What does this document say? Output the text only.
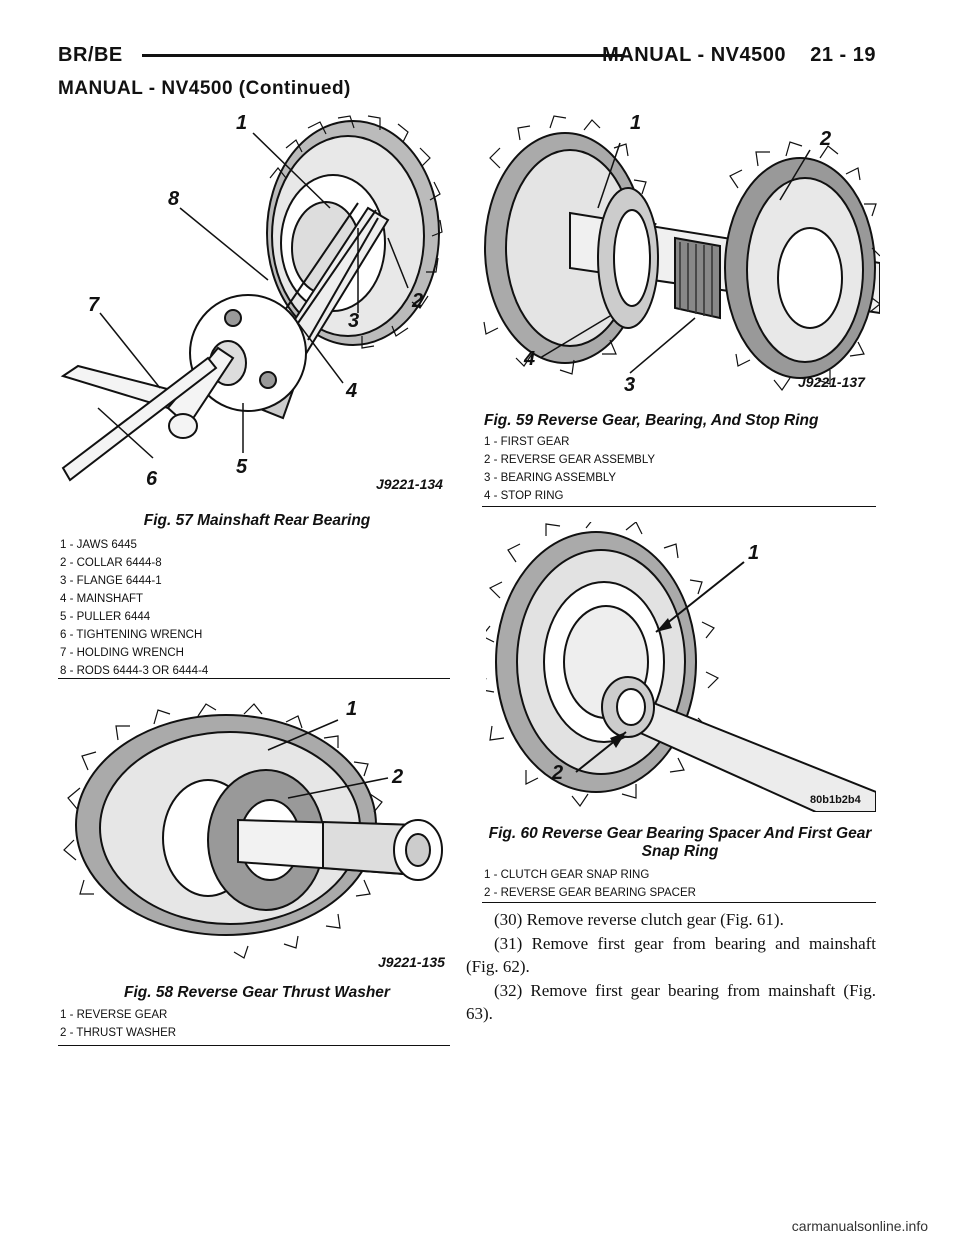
BR/BE	MANUAL - NV4500    21 - 19
MANUAL - NV4500 (Continued)
1
8
7	2
3
4
5
6	J9221-134
Fig. 57 Mainshaft Rear Bearing
1 - JAWS 6445
2 - COLLAR 6444-8
3 - FLANGE 6444-1
4 - MAINSHAFT
5 - PULLER 6444
6 - TIGHTENING WRENCH
7 - HOLDING WRENCH
8 - RODS 6444-3 OR 6444-4
1
2
J9221-135
Fig. 58 Reverse Gear Thrust Washer
1 - REVERSE GEAR
2 - THRUST WASHER
1
2
4
3	J9221-137
Fig. 59 Reverse Gear, Bearing, And Stop Ring
1 - FIRST GEAR
2 - REVERSE GEAR ASSEMBLY
3 - BEARING ASSEMBLY
4 - STOP RING
1
2
80b1b2b4
Fig. 60 Reverse Gear Bearing Spacer And First Gear
Snap Ring
1 - CLUTCH GEAR SNAP RING
2 - REVERSE GEAR BEARING SPACER

(30) Remove reverse clutch gear (Fig. 61).

(31) Remove first gear from bearing and mainshaft (Fig. 62).

(32) Remove first gear bearing from mainshaft (Fig. 63).

carmanualsonline.info
